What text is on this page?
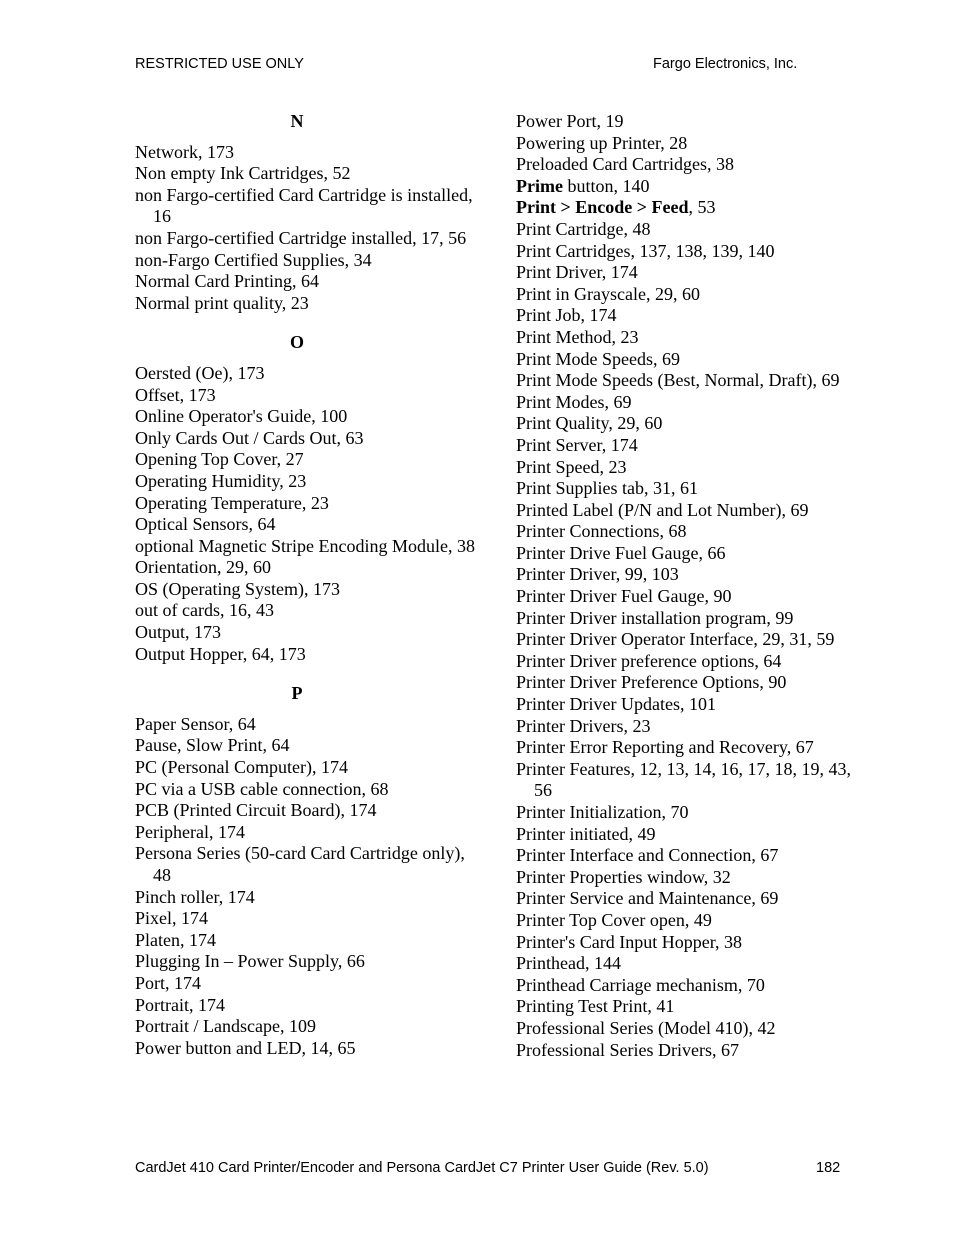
RESTRICTED USE ONLY	Fargo Electronics, Inc.
N

Network, 173

Non empty Ink Cartridges, 52

non Fargo-certified Card Cartridge is installed, 16

non Fargo-certified Cartridge installed, 17, 56

non-Fargo Certified Supplies, 34

Normal Card Printing, 64

Normal print quality, 23

O

Oersted (Oe), 173

Offset, 173

Online Operator's Guide, 100

Only Cards Out / Cards Out, 63

Opening Top Cover, 27

Operating Humidity, 23

Operating Temperature, 23

Optical Sensors, 64

optional Magnetic Stripe Encoding Module, 38

Orientation, 29, 60

OS (Operating System), 173

out of cards, 16, 43

Output, 173

Output Hopper, 64, 173

P

Paper Sensor, 64

Pause, Slow Print, 64

PC (Personal Computer), 174

PC via a USB cable connection, 68

PCB (Printed Circuit Board), 174

Peripheral, 174

Persona Series (50-card Card Cartridge only), 48

Pinch roller, 174

Pixel, 174

Platen, 174

Plugging In – Power Supply, 66

Port, 174

Portrait, 174

Portrait / Landscape, 109

Power button and LED, 14, 65

Power Port, 19

Powering up Printer, 28

Preloaded Card Cartridges, 38

Prime button, 140

Print > Encode > Feed, 53

Print Cartridge, 48

Print Cartridges, 137, 138, 139, 140

Print Driver, 174

Print in Grayscale, 29, 60

Print Job, 174

Print Method, 23

Print Mode Speeds, 69

Print Mode Speeds (Best, Normal, Draft), 69

Print Modes, 69

Print Quality, 29, 60

Print Server, 174

Print Speed, 23

Print Supplies tab, 31, 61

Printed Label (P/N and Lot Number), 69

Printer Connections, 68

Printer Drive Fuel Gauge, 66

Printer Driver, 99, 103

Printer Driver Fuel Gauge, 90

Printer Driver installation program, 99

Printer Driver Operator Interface, 29, 31, 59

Printer Driver preference options, 64

Printer Driver Preference Options, 90

Printer Driver Updates, 101

Printer Drivers, 23

Printer Error Reporting and Recovery, 67

Printer Features, 12, 13, 14, 16, 17, 18, 19, 43, 56

Printer Initialization, 70

Printer initiated, 49

Printer Interface and Connection, 67

Printer Properties window, 32

Printer Service and Maintenance, 69

Printer Top Cover open, 49

Printer's Card Input Hopper, 38

Printhead, 144

Printhead Carriage mechanism, 70

Printing Test Print, 41

Professional Series (Model 410), 42

Professional Series Drivers, 67

CardJet 410 Card Printer/Encoder and Persona CardJet C7 Printer User Guide (Rev. 5.0)	182
